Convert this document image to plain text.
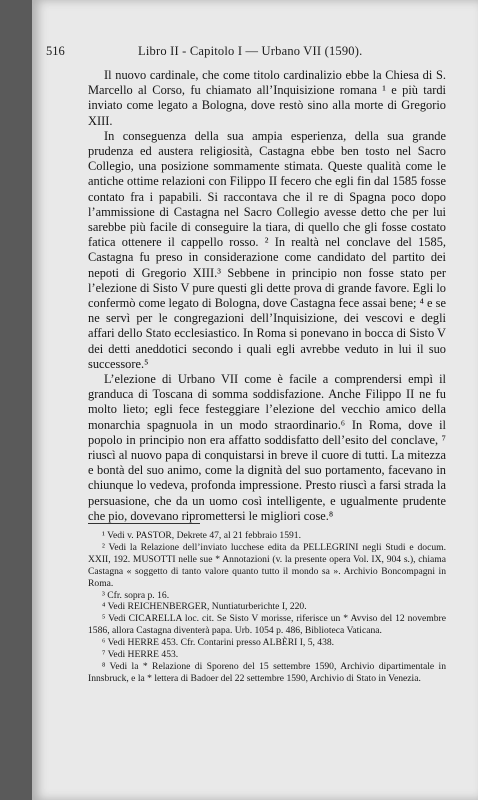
516	Libro II - Capitolo I — Urbano VII (1590).

Il nuovo cardinale, che come titolo cardinalizio ebbe la Chiesa di S. Marcello al Corso, fu chiamato all’Inquisizione romana ¹ e più tardi inviato come legato a Bologna, dove restò sino alla morte di Gregorio XIII.

In conseguenza della sua ampia esperienza, della sua grande prudenza ed austera religiosità, Castagna ebbe ben tosto nel Sacro Collegio, una posizione sommamente stimata. Queste qualità come le antiche ottime relazioni con Filippo II fecero che egli fin dal 1585 fosse contato fra i papabili. Si raccontava che il re di Spagna poco dopo l’ammissione di Castagna nel Sacro Collegio avesse detto che per lui sarebbe più facile di conseguire la tiara, di quello che gli fosse costato fatica ottenere il cappello rosso. ² In realtà nel conclave del 1585, Castagna fu preso in considerazione come candidato del partito dei nepoti di Gregorio XIII.³ Sebbene in principio non fosse stato per l’elezione di Sisto V pure questi gli dette prova di grande favore. Egli lo confermò come legato di Bologna, dove Castagna fece assai bene; ⁴ e se ne servì per le congregazioni dell’Inquisizione, dei vescovi e degli affari dello Stato ecclesiastico. In Roma si ponevano in bocca di Sisto V dei detti aneddotici secondo i quali egli avrebbe veduto in lui il suo successore.⁵

L’elezione di Urbano VII come è facile a comprendersi empì il granduca di Toscana di somma soddisfazione. Anche Filippo II ne fu molto lieto; egli fece festeggiare l’elezione del vecchio amico della monarchia spagnuola in un modo straordinario.⁶ In Roma, dove il popolo in principio non era affatto soddisfatto dell’esito del conclave, ⁷ riuscì al nuovo papa di conquistarsi in breve il cuore di tutti. La mitezza e bontà del suo animo, come la dignità del suo portamento, facevano in chiunque lo vedeva, profonda impressione. Presto riuscì a farsi strada la persuasione, che da un uomo così intelligente, e ugualmente prudente che pio, dovevano ripromettersi le migliori cose.⁸

¹ Vedi v. PASTOR, Dekrete 47, al 21 febbraio 1591.

² Vedi la Relazione dell’inviato lucchese edita da PELLEGRINI negli Studi e docum. XXII, 192. MUSOTTI nelle sue * Annotazioni (v. la presente opera Vol. IX, 904 s.), chiama Castagna « soggetto di tanto valore quanto tutto il mondo sa ». Archivio Boncompagni in Roma.

³ Cfr. sopra p. 16.

⁴ Vedi REICHENBERGER, Nuntiaturberichte I, 220.

⁵ Vedi CICARELLA loc. cit. Se Sisto V morisse, riferisce un * Avviso del 12 novembre 1586, allora Castagna diventerà papa. Urb. 1054 p. 486, Biblioteca Vaticana.

⁶ Vedi HERRE 453. Cfr. Contarini presso ALBÈRI I, 5, 438.

⁷ Vedi HERRE 453.

⁸ Vedi la * Relazione di Sporeno del 15 settembre 1590, Archivio dipartimentale in Innsbruck, e la * lettera di Badoer del 22 settembre 1590, Archivio di Stato in Venezia.
